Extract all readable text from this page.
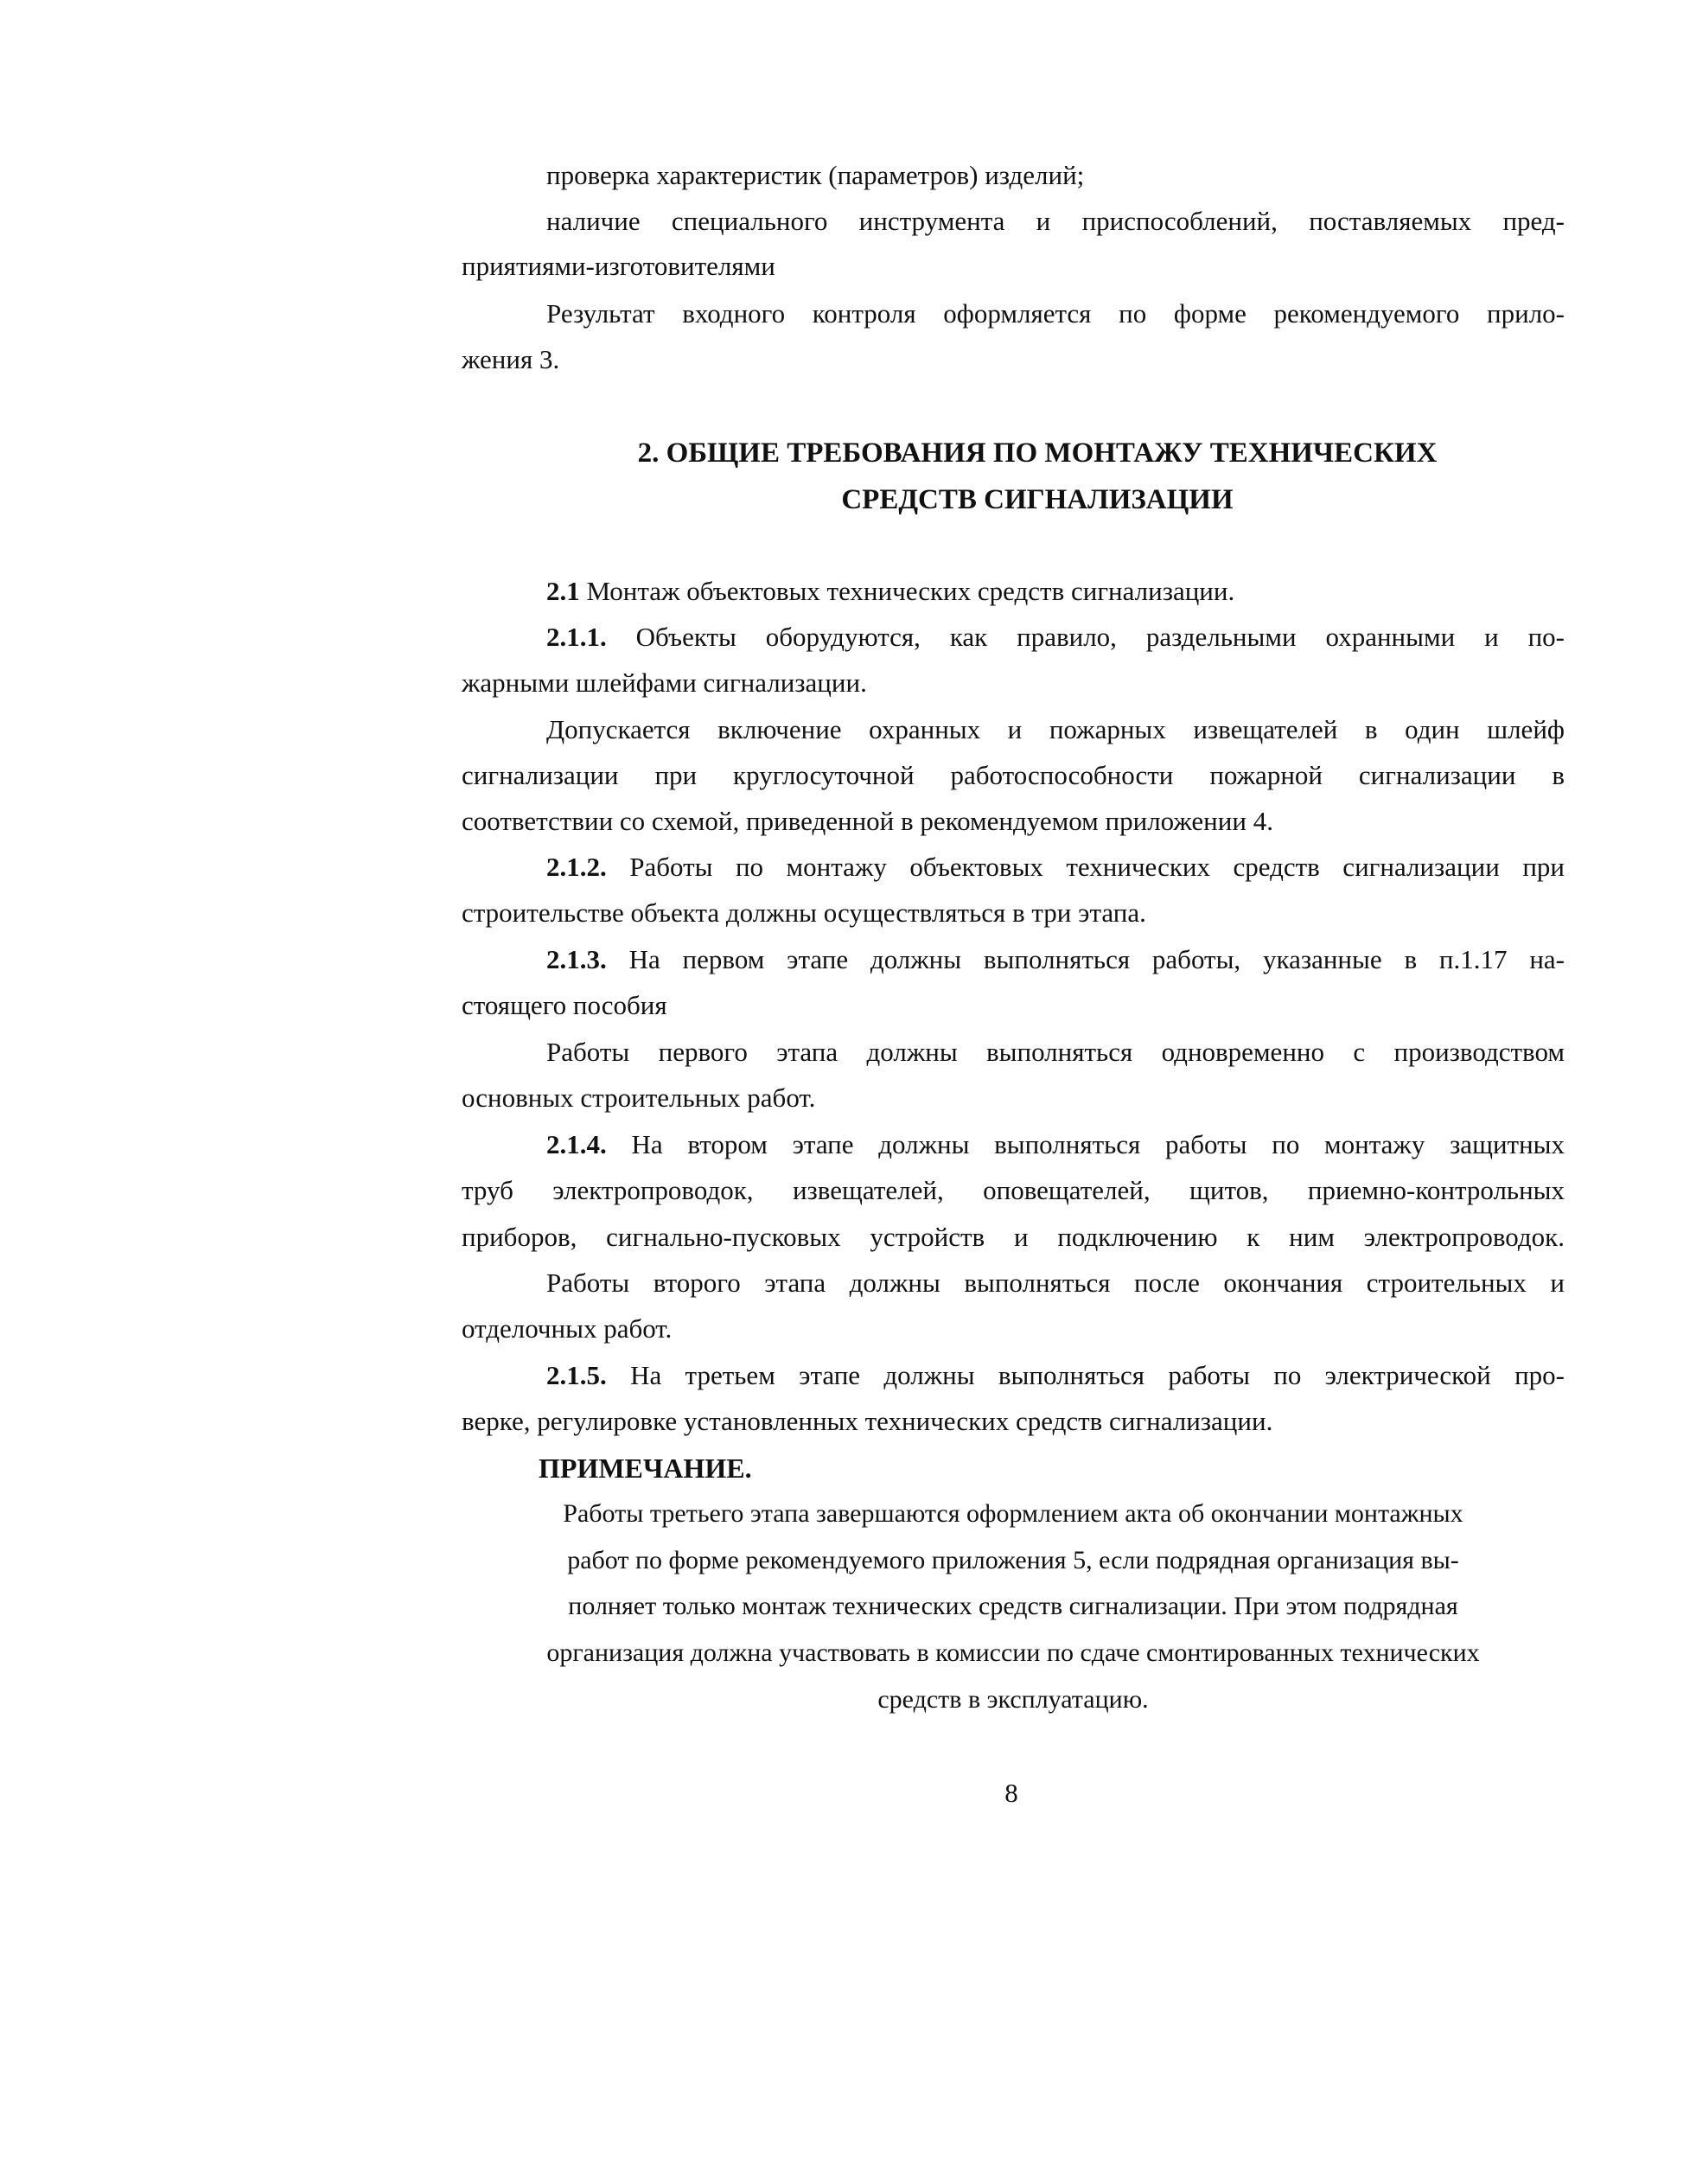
проверка характеристик (параметров) изделий;
наличие специального инструмента и приспособлений, поставляемых пред-
приятиями-изготовителями
Результат входного контроля оформляется по форме рекомендуемого прило-
жения 3.
2. ОБЩИЕ ТРЕБОВАНИЯ ПО МОНТАЖУ ТЕХНИЧЕСКИХ
СРЕДСТВ СИГНАЛИЗАЦИИ
2.1 Монтаж объектовых технических средств сигнализации.
2.1.1. Объекты оборудуются, как правило, раздельными охранными и по-
жарными шлейфами сигнализации.
Допускается включение охранных и пожарных извещателей в один шлейф
сигнализации при круглосуточной работоспособности пожарной сигнализации в
соответствии со схемой, приведенной в рекомендуемом приложении 4.
2.1.2. Работы по монтажу объектовых технических средств сигнализации при
строительстве объекта должны осуществляться в три этапа.
2.1.3. На первом этапе должны выполняться работы, указанные в п.1.17 на-
стоящего пособия
Работы первого этапа должны выполняться одновременно с производством
основных строительных работ.
2.1.4. На втором этапе должны выполняться работы по монтажу защитных
труб электропроводок, извещателей, оповещателей, щитов, приемно-контрольных
приборов, сигнально-пусковых устройств и подключению к ним электропроводок.
Работы второго этапа должны выполняться после окончания строительных и
отделочных работ.
2.1.5. На третьем этапе должны выполняться работы по электрической про-
верке, регулировке установленных технических средств сигнализации.
ПРИМЕЧАНИЕ.
Работы третьего этапа завершаются оформлением акта об окончании монтажных
работ по форме рекомендуемого приложения 5, если подрядная организация вы-
полняет только монтаж технических средств сигнализации. При этом подрядная
организация должна участвовать в комиссии по сдаче смонтированных технических
средств в эксплуатацию.
8
